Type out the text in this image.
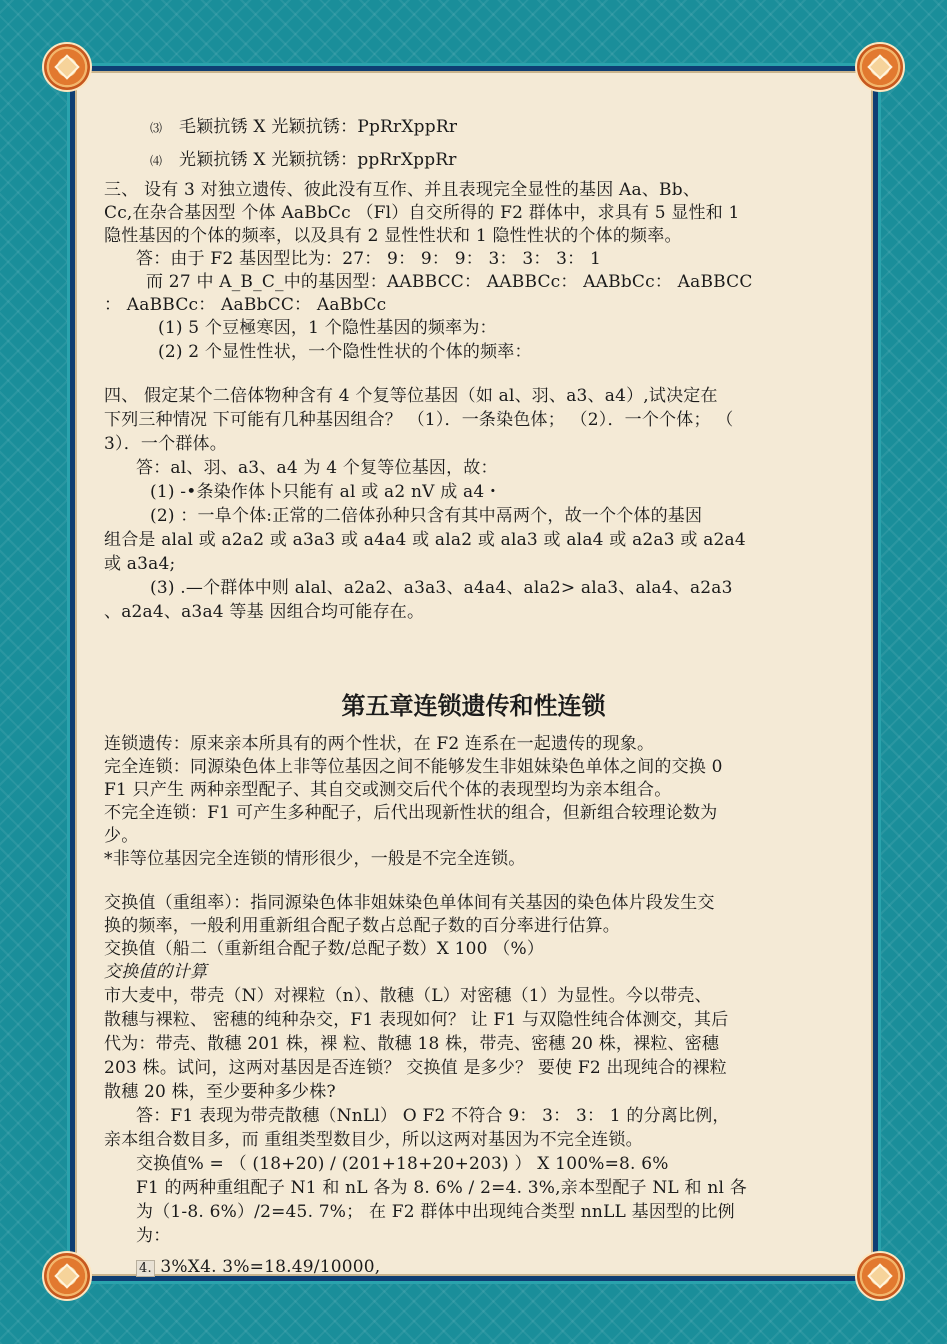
⑶ 毛颖抗锈 X 光颖抗锈：PpRrXppRr

⑷ 光颖抗锈 X 光颖抗锈：ppRrXppRr

三、 设有 3 对独立遗传、彼此没有互作、并且表现完全显性的基因 Aa、Bb、

Cc,在杂合基因型 个体 AaBbCc （Fl）自交所得的 F2 群体中，求具有 5 显性和 1

隐性基因的个体的频率，以及具有 2 显性性状和 1 隐性性状的个体的频率。

答：由于 F2 基因型比为：27： 9： 9： 9： 3： 3： 3： 1

而 27 中 A_B_C_中的基因型：AABBCC： AABBCc： AABbCc： AaBBCC

： AaBBCc： AaBbCC： AaBbCc

(1) 5 个豆極寒因，1 个隐性基因的频率为：

(2) 2 个显性性状，一个隐性性状的个体的频率：

四、 假定某个二倍体物种含有 4 个复等位基因（如 al、羽、a3、a4）,试决定在

下列三种情况 下可能有几种基因组合？ （1）．一条染色体； （2）．一个个体； （

3）．一个群体。

答：al、羽、a3、a4 为 4 个复等位基因，故：

(1) -•条染作体卜只能有 al 或 a2 nV 成 a4・

(2) ：一阜个体:正常的二倍体孙种只含有其中鬲两个，故一个个体的基因

组合是 alal 或 a2a2 或 a3a3 或 a4a4 或 ala2 或 ala3 或 ala4 或 a2a3 或 a2a4

或 a3a4;

(3) .—个群体中则 alal、a2a2、a3a3、a4a4、ala2> ala3、ala4、a2a3

、a2a4、a3a4 等基 因组合均可能存在。

第五章连锁遗传和性连锁

连锁遗传：原来亲本所具有的两个性状，在 F2 连系在一起遗传的现象。

完全连锁：同源染色体上非等位基因之间不能够发生非姐妹染色单体之间的交换 0

F1 只产生 两种亲型配子、其自交或测交后代个体的表现型均为亲本组合。

不完全连锁：F1 可产生多种配子，后代出现新性状的组合，但新组合较理论数为

少。

*非等位基因完全连锁的情形很少，一般是不完全连锁。

交换值（重组率）：指同源染色体非姐妹染色单体间有关基因的染色体片段发生交

换的频率，一般利用重新组合配子数占总配子数的百分率进行估算。

交换值（船二（重新组合配子数/总配子数）X 100 （%）

交换值的计算

市大麦中，带壳（N）对裸粒（n）、散穗（L）对密穗（1）为显性。今以带壳、

散穗与裸粒、 密穗的纯种杂交，F1 表现如何？ 让 F1 与双隐性纯合体测交，其后

代为：带壳、散穗 201 株，裸 粒、散穗 18 株，带壳、密穗 20 株，裸粒、密穗

203 株。试问，这两对基因是否连锁？ 交换值 是多少？ 要使 F2 出现纯合的裸粒

散穗 20 株，至少要种多少株?

答：F1 表现为带壳散穗（NnLl） O F2 不符合 9： 3： 3： 1 的分离比例，

亲本组合数目多，而 重组类型数目少，所以这两对基因为不完全连锁。

交换值% = （ (18+20) / (201+18+20+203) ） X 100%=8. 6%

F1 的两种重组配子 N1 和 nL 各为 8. 6% / 2=4. 3%,亲本型配子 NL 和 nl 各

为（1-8. 6%）/2=45. 7%； 在 F2 群体中出现纯合类型 nnLL 基因型的比例

为：

4. 3%X4. 3%=18.49/10000,
